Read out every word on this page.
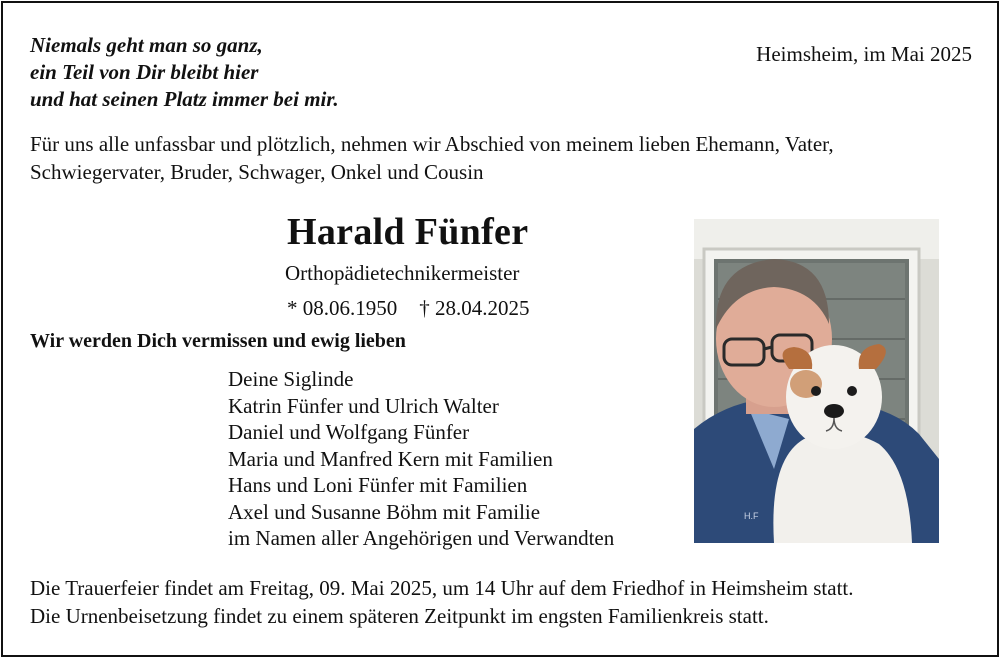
Niemals geht man so ganz,
ein Teil von Dir bleibt hier
und hat seinen Platz immer bei mir.
Heimsheim, im Mai 2025
Für uns alle unfassbar und plötzlich, nehmen wir Abschied von meinem lieben Ehemann, Vater,
Schwiegervater, Bruder, Schwager, Onkel und Cousin
Harald Fünfer
Orthopädietechnikermeister
* 08.06.1950 † 28.04.2025
Wir werden Dich vermissen und ewig lieben
Deine Siglinde
Katrin Fünfer und Ulrich Walter
Daniel und Wolfgang Fünfer
Maria und Manfred Kern mit Familien
Hans und Loni Fünfer mit Familien
Axel und Susanne Böhm mit Familie
im Namen aller Angehörigen und Verwandten
Die Trauerfeier findet am Freitag, 09. Mai 2025, um 14 Uhr auf dem Friedhof in Heimsheim statt.
Die Urnenbeisetzung findet zu einem späteren Zeitpunkt im engsten Familienkreis statt.
H.F
